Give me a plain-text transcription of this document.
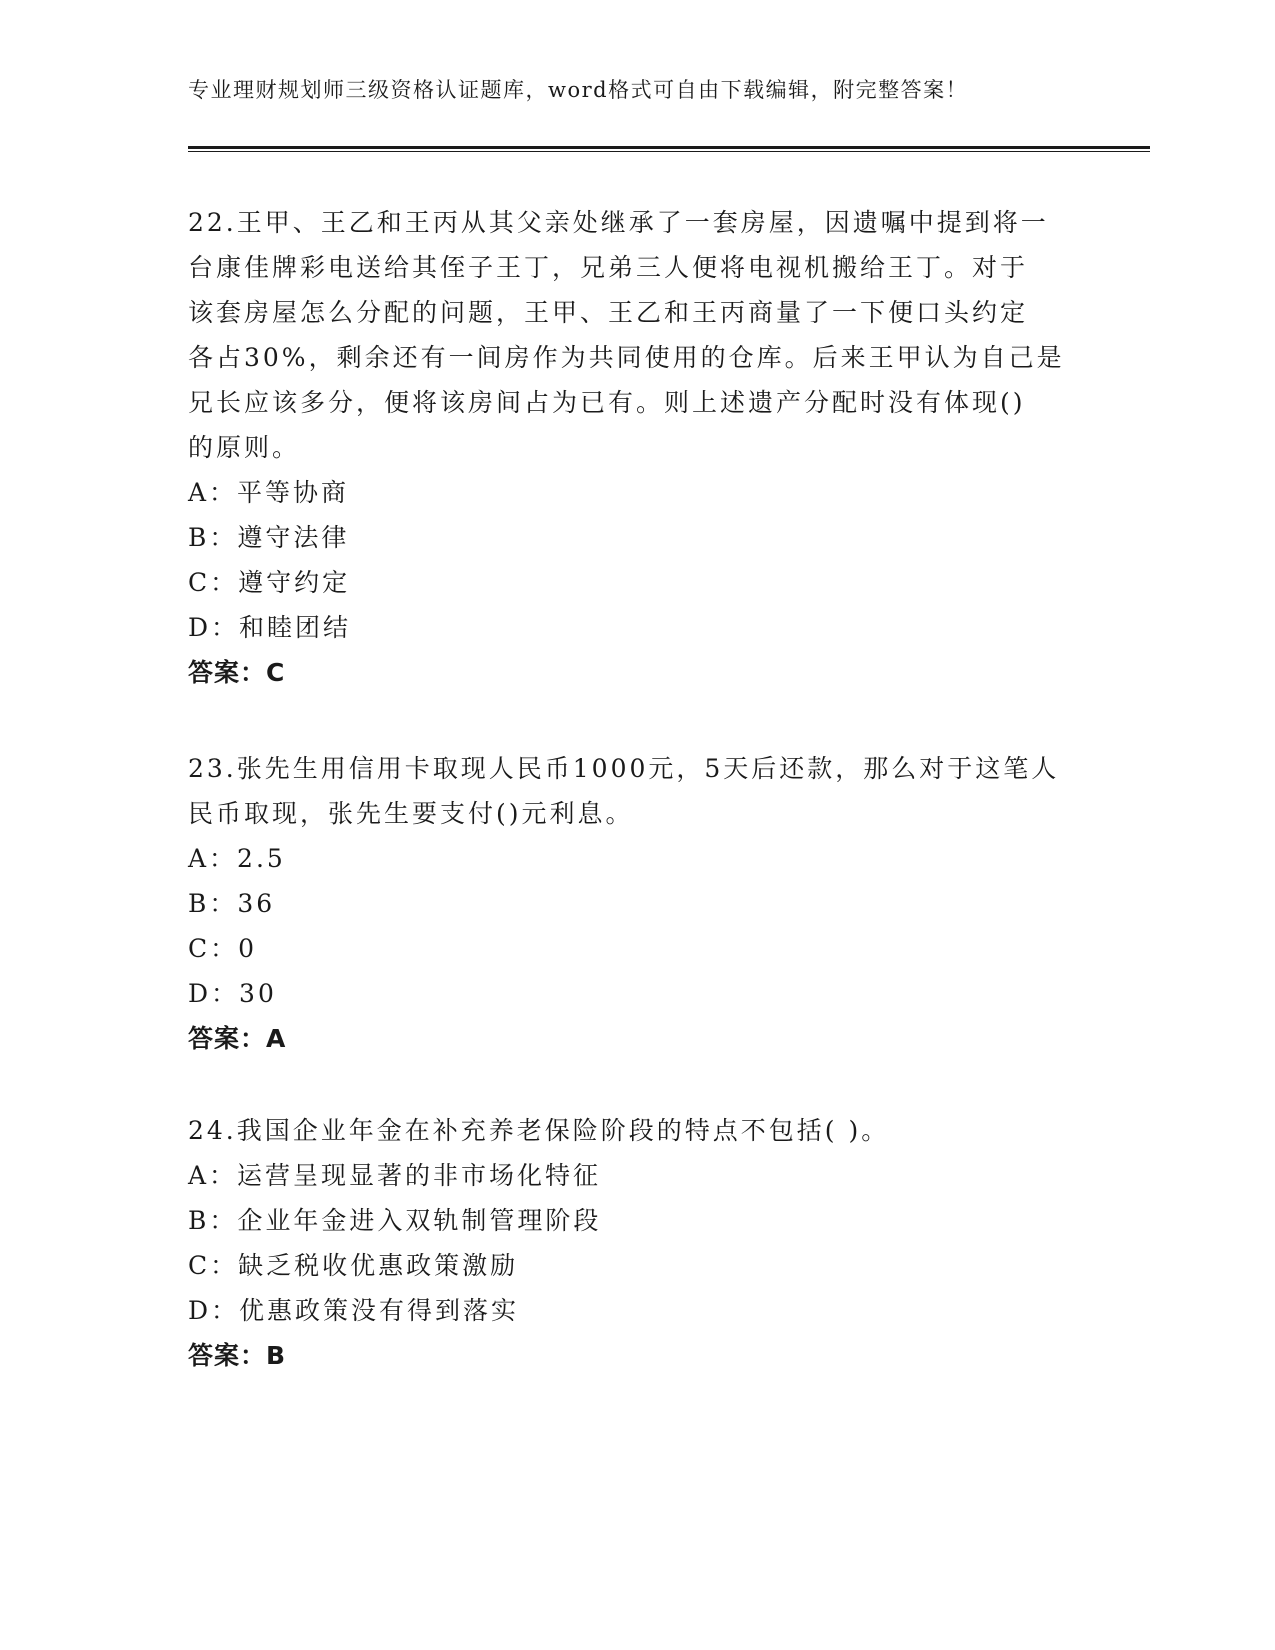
专业理财规划师三级资格认证题库，word格式可自由下载编辑，附完整答案！

22.王甲、王乙和王丙从其父亲处继承了一套房屋，因遗嘱中提到将一
台康佳牌彩电送给其侄子王丁，兄弟三人便将电视机搬给王丁。对于
该套房屋怎么分配的问题，王甲、王乙和王丙商量了一下便口头约定
各占30%，剩余还有一间房作为共同使用的仓库。后来王甲认为自己是
兄长应该多分，便将该房间占为已有。则上述遗产分配时没有体现()
的原则。

A：平等协商

B：遵守法律

C：遵守约定

D：和睦团结

答案：C

23.张先生用信用卡取现人民币1000元，5天后还款，那么对于这笔人
民币取现，张先生要支付()元利息。

A：2.5

B：36

C：0

D：30

答案：A

24.我国企业年金在补充养老保险阶段的特点不包括( )。

A：运营呈现显著的非市场化特征

B：企业年金进入双轨制管理阶段

C：缺乏税收优惠政策激励

D：优惠政策没有得到落实

答案：B
